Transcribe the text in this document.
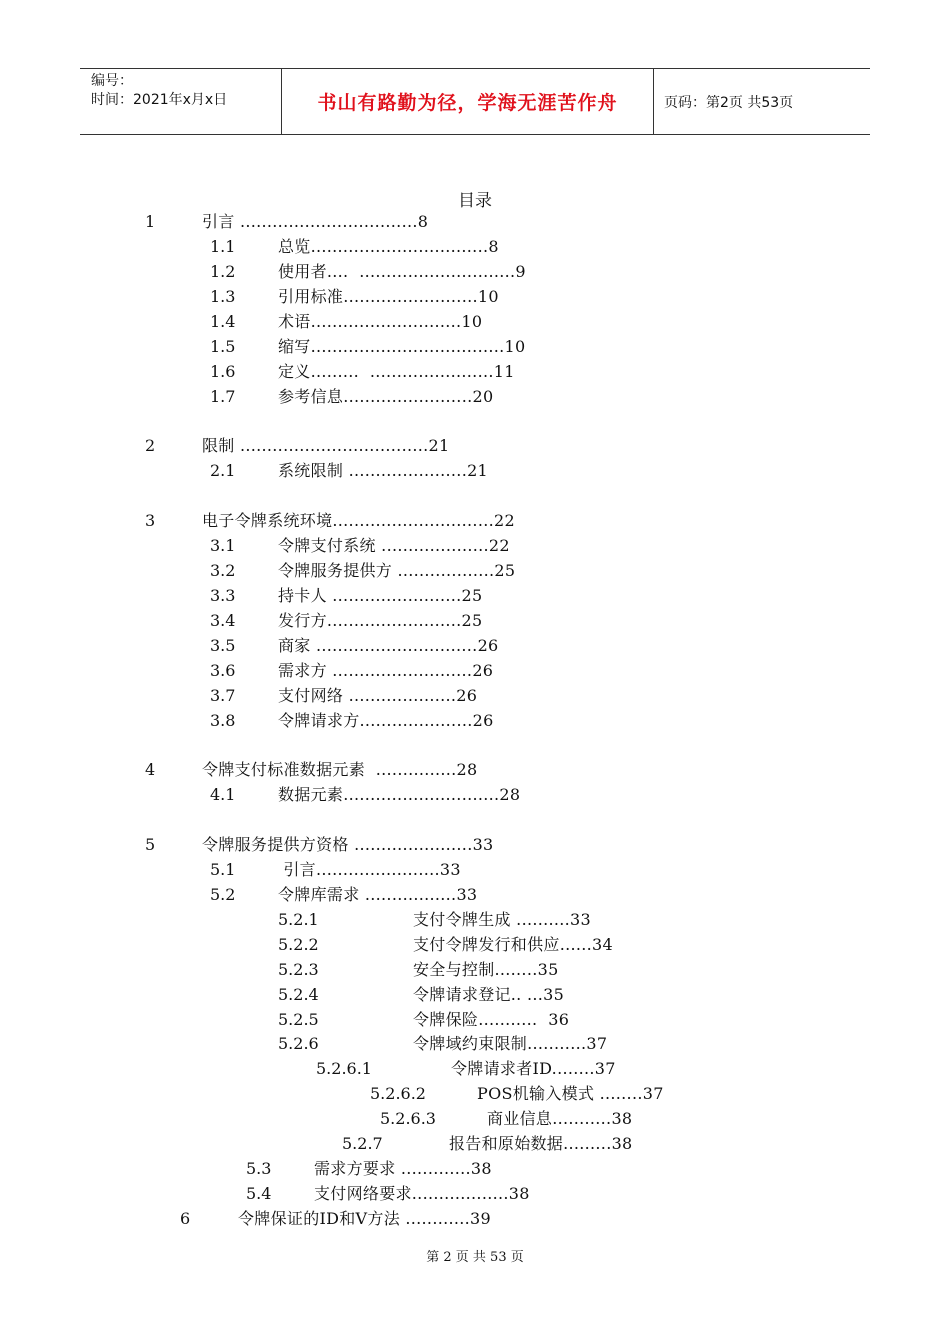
编号：
时间：2021年x月x日	书山有路勤为径，学海无涯苦作舟	页码：第2页 共53页
目录
1	引言 .................................8
1.1	总览.................................8
1.2	使用者....  .............................9
1.3	引用标准.........................10
1.4	术语............................10
1.5	缩写....................................10
1.6	定义.........  .......................11
1.7	参考信息........................20
2	限制 ...................................21
2.1	系统限制 ......................21
3	电子令牌系统环境..............................22
3.1	令牌支付系统 ....................22
3.2	令牌服务提供方 ..................25
3.3	持卡人 ........................25
3.4	发行方.........................25
3.5	商家 ..............................26
3.6	需求方 ..........................26
3.7	支付网络 ....................26
3.8	令牌请求方.....................26
4	令牌支付标准数据元素  ...............28
4.1	数据元素.............................28
5	令牌服务提供方资格 ......................33
5.1	引言.......................33
5.2	令牌库需求 .................33
5.2.1	支付令牌生成 ..........33
5.2.2	支付令牌发行和供应......34
5.2.3	安全与控制........35
5.2.4	令牌请求登记.. ...35
5.2.5	令牌保险...........  36
5.2.6	令牌域约束限制...........37
5.2.6.1	令牌请求者ID........37
5.2.6.2	POS机输入模式 ........37
5.2.6.3	商业信息...........38
5.2.7	报告和原始数据.........38
5.3	需求方要求 .............38
5.4	支付网络要求..................38
6	令牌保证的ID和V方法 ............39
第 2 页 共 53 页
